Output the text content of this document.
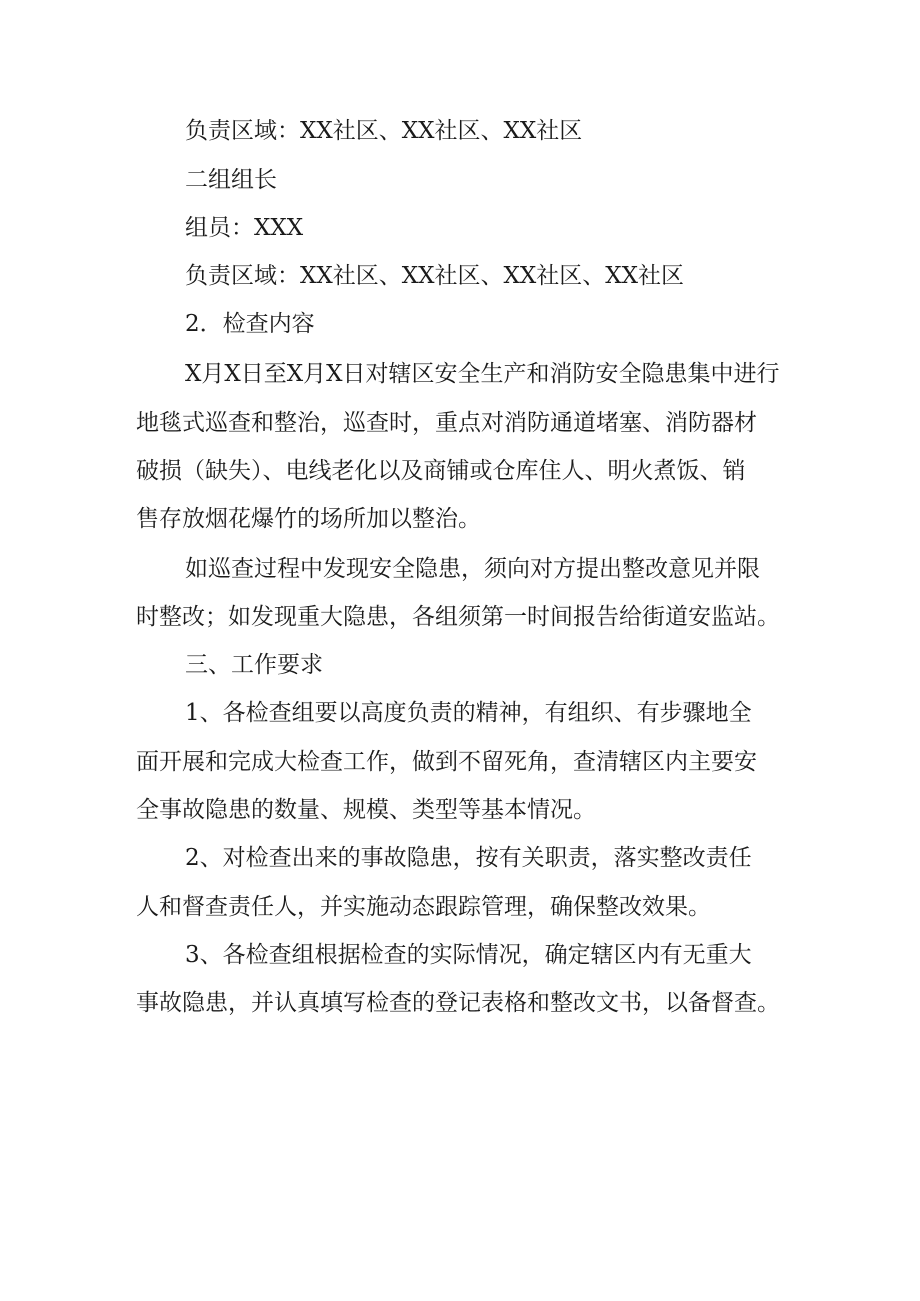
负责区域：XX社区、XX社区、XX社区
二组组长
组员：XXX
负责区域：XX社区、XX社区、XX社区、XX社区
2．检查内容
X月X日至X月X日对辖区安全生产和消防安全隐患集中进行
地毯式巡查和整治，巡查时，重点对消防通道堵塞、消防器材
破损（缺失）、电线老化以及商铺或仓库住人、明火煮饭、销
售存放烟花爆竹的场所加以整治。
如巡查过程中发现安全隐患，须向对方提出整改意见并限
时整改；如发现重大隐患，各组须第一时间报告给街道安监站。
三、工作要求
1、各检查组要以高度负责的精神，有组织、有步骤地全
面开展和完成大检查工作，做到不留死角，查清辖区内主要安
全事故隐患的数量、规模、类型等基本情况。
2、对检查出来的事故隐患，按有关职责，落实整改责任
人和督查责任人，并实施动态跟踪管理，确保整改效果。
3、各检查组根据检查的实际情况，确定辖区内有无重大
事故隐患，并认真填写检查的登记表格和整改文书，以备督查。
